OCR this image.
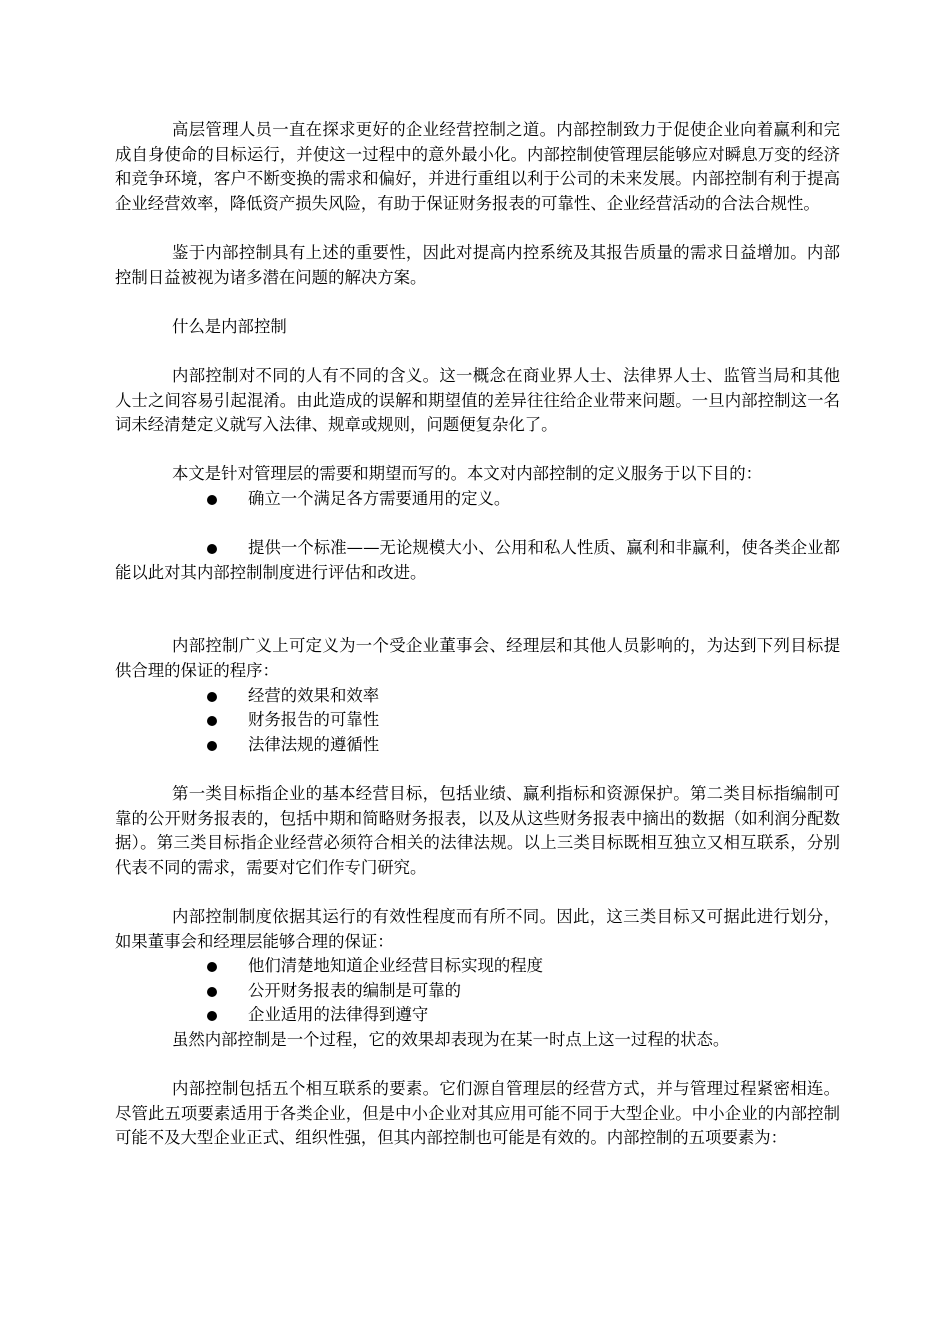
高层管理人员一直在探求更好的企业经营控制之道。内部控制致力于促使企业向着赢利和完成自身使命的目标运行，并使这一过程中的意外最小化。内部控制使管理层能够应对瞬息万变的经济和竞争环境，客户不断变换的需求和偏好，并进行重组以利于公司的未来发展。内部控制有利于提高企业经营效率，降低资产损失风险，有助于保证财务报表的可靠性、企业经营活动的合法合规性。

鉴于内部控制具有上述的重要性，因此对提高内控系统及其报告质量的需求日益增加。内部控制日益被视为诸多潜在问题的解决方案。

什么是内部控制

内部控制对不同的人有不同的含义。这一概念在商业界人士、法律界人士、监管当局和其他人士之间容易引起混淆。由此造成的误解和期望值的差异往往给企业带来问题。一旦内部控制这一名词未经清楚定义就写入法律、规章或规则，问题便复杂化了。

本文是针对管理层的需要和期望而写的。本文对内部控制的定义服务于以下目的：

确立一个满足各方需要通用的定义。

提供一个标准——无论规模大小、公用和私人性质、赢利和非赢利，使各类企业都能以此对其内部控制制度进行评估和改进。

内部控制广义上可定义为一个受企业董事会、经理层和其他人员影响的，为达到下列目标提供合理的保证的程序：

经营的效果和效率
财务报告的可靠性
法律法规的遵循性

第一类目标指企业的基本经营目标，包括业绩、赢利指标和资源保护。第二类目标指编制可靠的公开财务报表的，包括中期和简略财务报表，以及从这些财务报表中摘出的数据（如利润分配数据）。第三类目标指企业经营必须符合相关的法律法规。以上三类目标既相互独立又相互联系，分别代表不同的需求，需要对它们作专门研究。

内部控制制度依据其运行的有效性程度而有所不同。因此，这三类目标又可据此进行划分，如果董事会和经理层能够合理的保证：

他们清楚地知道企业经营目标实现的程度
公开财务报表的编制是可靠的
企业适用的法律得到遵守

虽然内部控制是一个过程，它的效果却表现为在某一时点上这一过程的状态。

内部控制包括五个相互联系的要素。它们源自管理层的经营方式，并与管理过程紧密相连。尽管此五项要素适用于各类企业，但是中小企业对其应用可能不同于大型企业。中小企业的内部控制可能不及大型企业正式、组织性强，但其内部控制也可能是有效的。内部控制的五项要素为：
